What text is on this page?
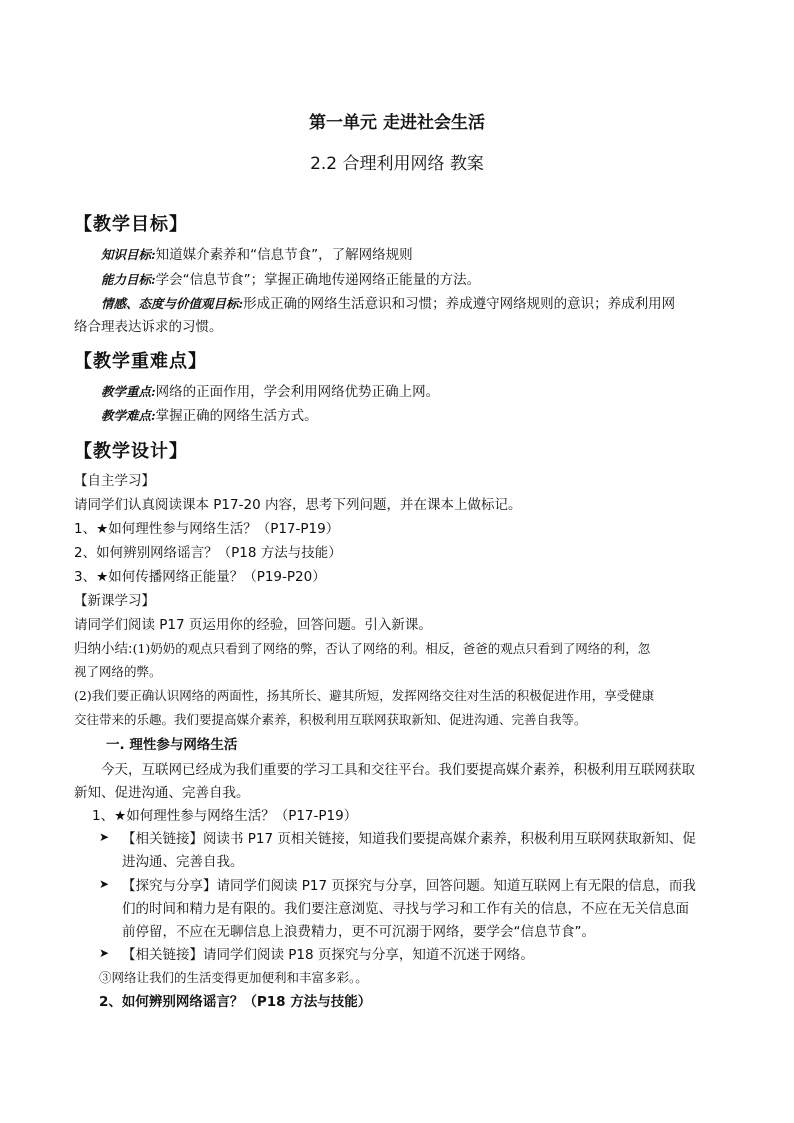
第一单元 走进社会生活
2.2 合理利用网络 教案
【教学目标】
知识目标:知道媒介素养和“信息节食”，了解网络规则
能力目标:学会“信息节食”；掌握正确地传递网络正能量的方法。
情感、态度与价值观目标:形成正确的网络生活意识和习惯；养成遵守网络规则的意识；养成利用网
络合理表达诉求的习惯。
【教学重难点】
教学重点:网络的正面作用，学会利用网络优势正确上网。
教学难点:掌握正确的网络生活方式。
【教学设计】
【自主学习】
请同学们认真阅读课本 P17-20 内容，思考下列问题，并在课本上做标记。
1、★如何理性参与网络生活？（P17-P19）
2、如何辨别网络谣言？（P18 方法与技能）
3、★如何传播网络正能量？（P19-P20）
【新课学习】
请同学们阅读 P17 页运用你的经验，回答问题。引入新课。
归纳小结:(1)奶奶的观点只看到了网络的弊，否认了网络的利。相反，爸爸的观点只看到了网络的利，忽
视了网络的弊。
(2)我们要正确认识网络的两面性，扬其所长、避其所短，发挥网络交往对生活的积极促进作用，享受健康
交往带来的乐趣。我们要提高媒介素养，积极利用互联网获取新知、促进沟通、完善自我等。
一. 理性参与网络生活
今天，互联网已经成为我们重要的学习工具和交往平台。我们要提高媒介素养，积极利用互联网获取
新知、促进沟通、完善自我。
1、★如何理性参与网络生活？（P17-P19）
➤ 【相关链接】阅读书 P17 页相关链接，知道我们要提高媒介素养，积极利用互联网获取新知、促
进沟通、完善自我。
➤ 【探究与分享】请同学们阅读 P17 页探究与分享，回答问题。知道互联网上有无限的信息，而我
们的时间和精力是有限的。我们要注意浏览、寻找与学习和工作有关的信息，不应在无关信息面
前停留，不应在无聊信息上浪费精力，更不可沉溺于网络，要学会“信息节食”。
➤ 【相关链接】请同学们阅读 P18 页探究与分享，知道不沉迷于网络。
③网络让我们的生活变得更加便利和丰富多彩。。
2、如何辨别网络谣言？（P18 方法与技能）
